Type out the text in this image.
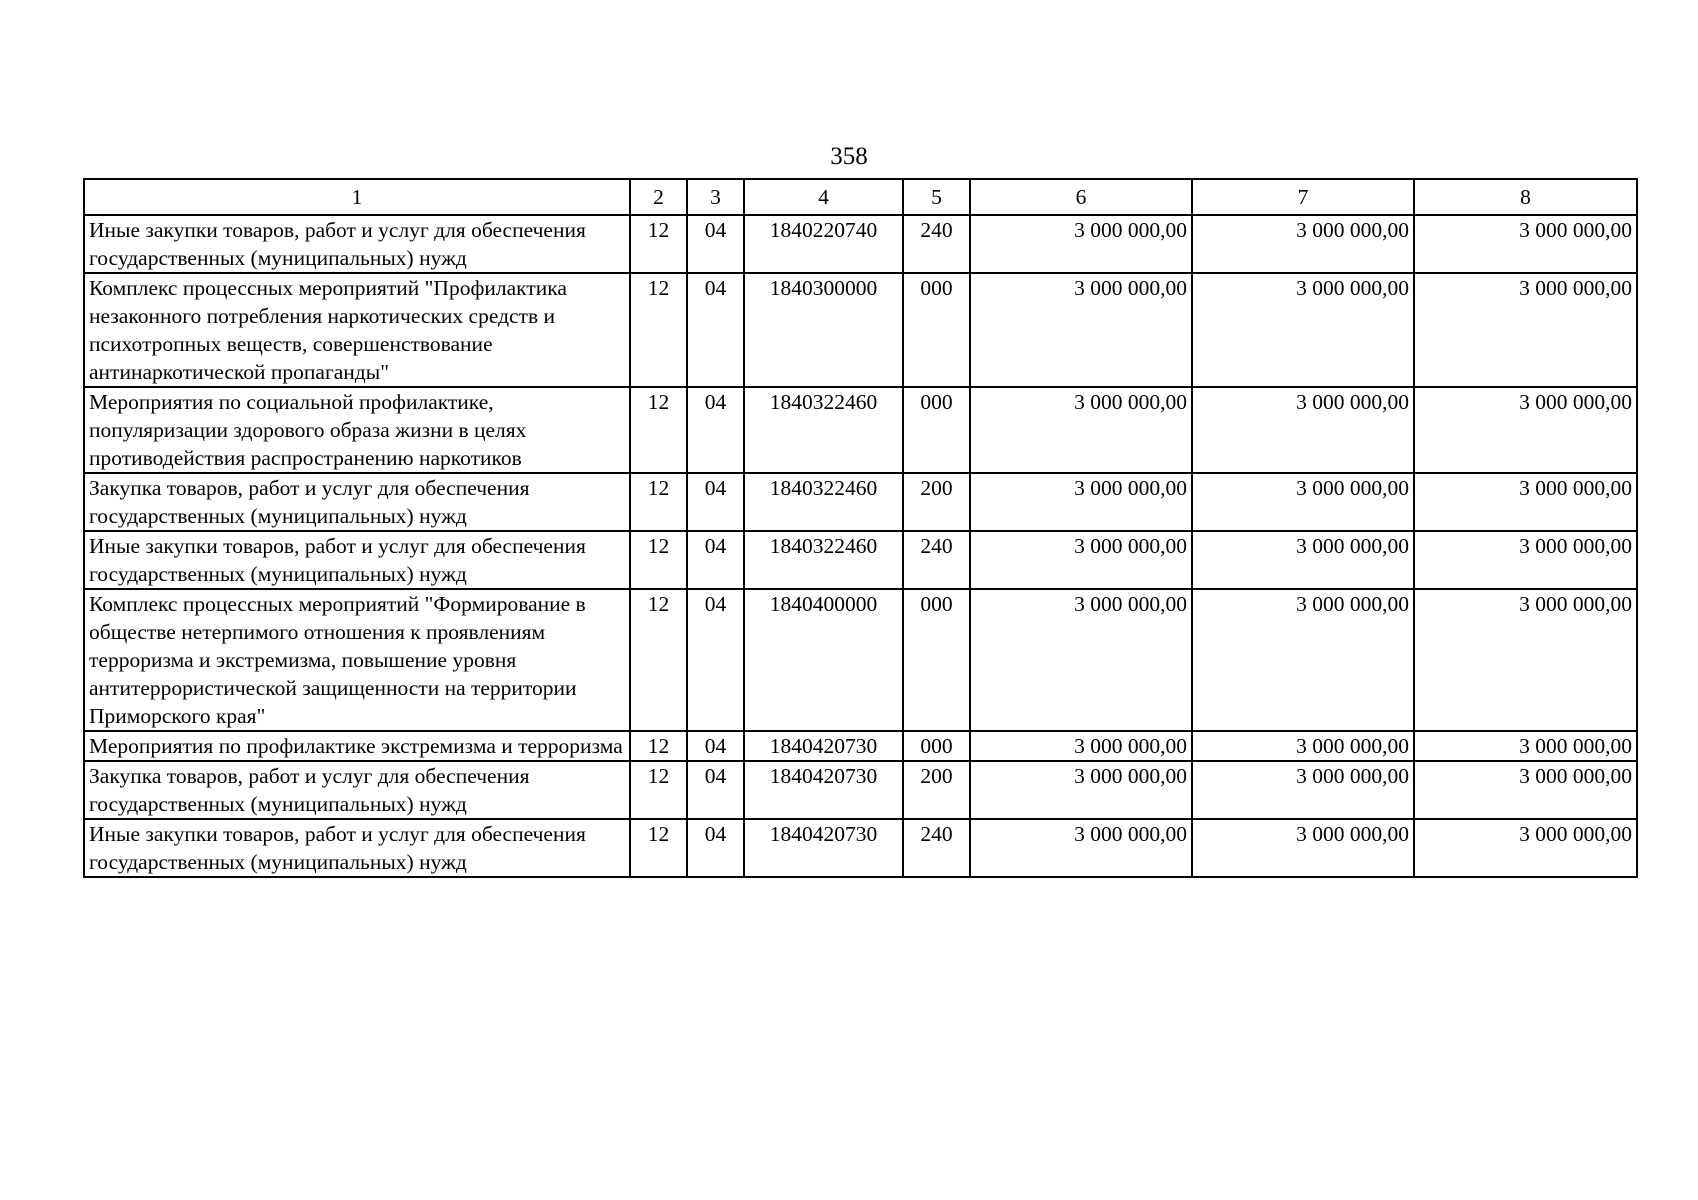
358
1	2	3	4	5	6	7	8
Иные закупки товаров, работ и услуг для обеспечения государственных (муниципальных) нужд	12	04	1840220740	240	3 000 000,00	3 000 000,00	3 000 000,00
Комплекс процессных мероприятий "Профилактика незаконного потребления наркотических средств и психотропных веществ, совершенствование антинаркотической пропаганды"	12	04	1840300000	000	3 000 000,00	3 000 000,00	3 000 000,00
Мероприятия по социальной профилактике, популяризации здорового образа жизни в целях противодействия распространению наркотиков	12	04	1840322460	000	3 000 000,00	3 000 000,00	3 000 000,00
Закупка товаров, работ и услуг для обеспечения государственных (муниципальных) нужд	12	04	1840322460	200	3 000 000,00	3 000 000,00	3 000 000,00
Иные закупки товаров, работ и услуг для обеспечения государственных (муниципальных) нужд	12	04	1840322460	240	3 000 000,00	3 000 000,00	3 000 000,00
Комплекс процессных мероприятий "Формирование в обществе нетерпимого отношения к проявлениям терроризма и экстремизма, повышение уровня антитеррористической защищенности на территории Приморского края"	12	04	1840400000	000	3 000 000,00	3 000 000,00	3 000 000,00
Мероприятия по профилактике экстремизма и терроризма	12	04	1840420730	000	3 000 000,00	3 000 000,00	3 000 000,00
Закупка товаров, работ и услуг для обеспечения государственных (муниципальных) нужд	12	04	1840420730	200	3 000 000,00	3 000 000,00	3 000 000,00
Иные закупки товаров, работ и услуг для обеспечения государственных (муниципальных) нужд	12	04	1840420730	240	3 000 000,00	3 000 000,00	3 000 000,00
